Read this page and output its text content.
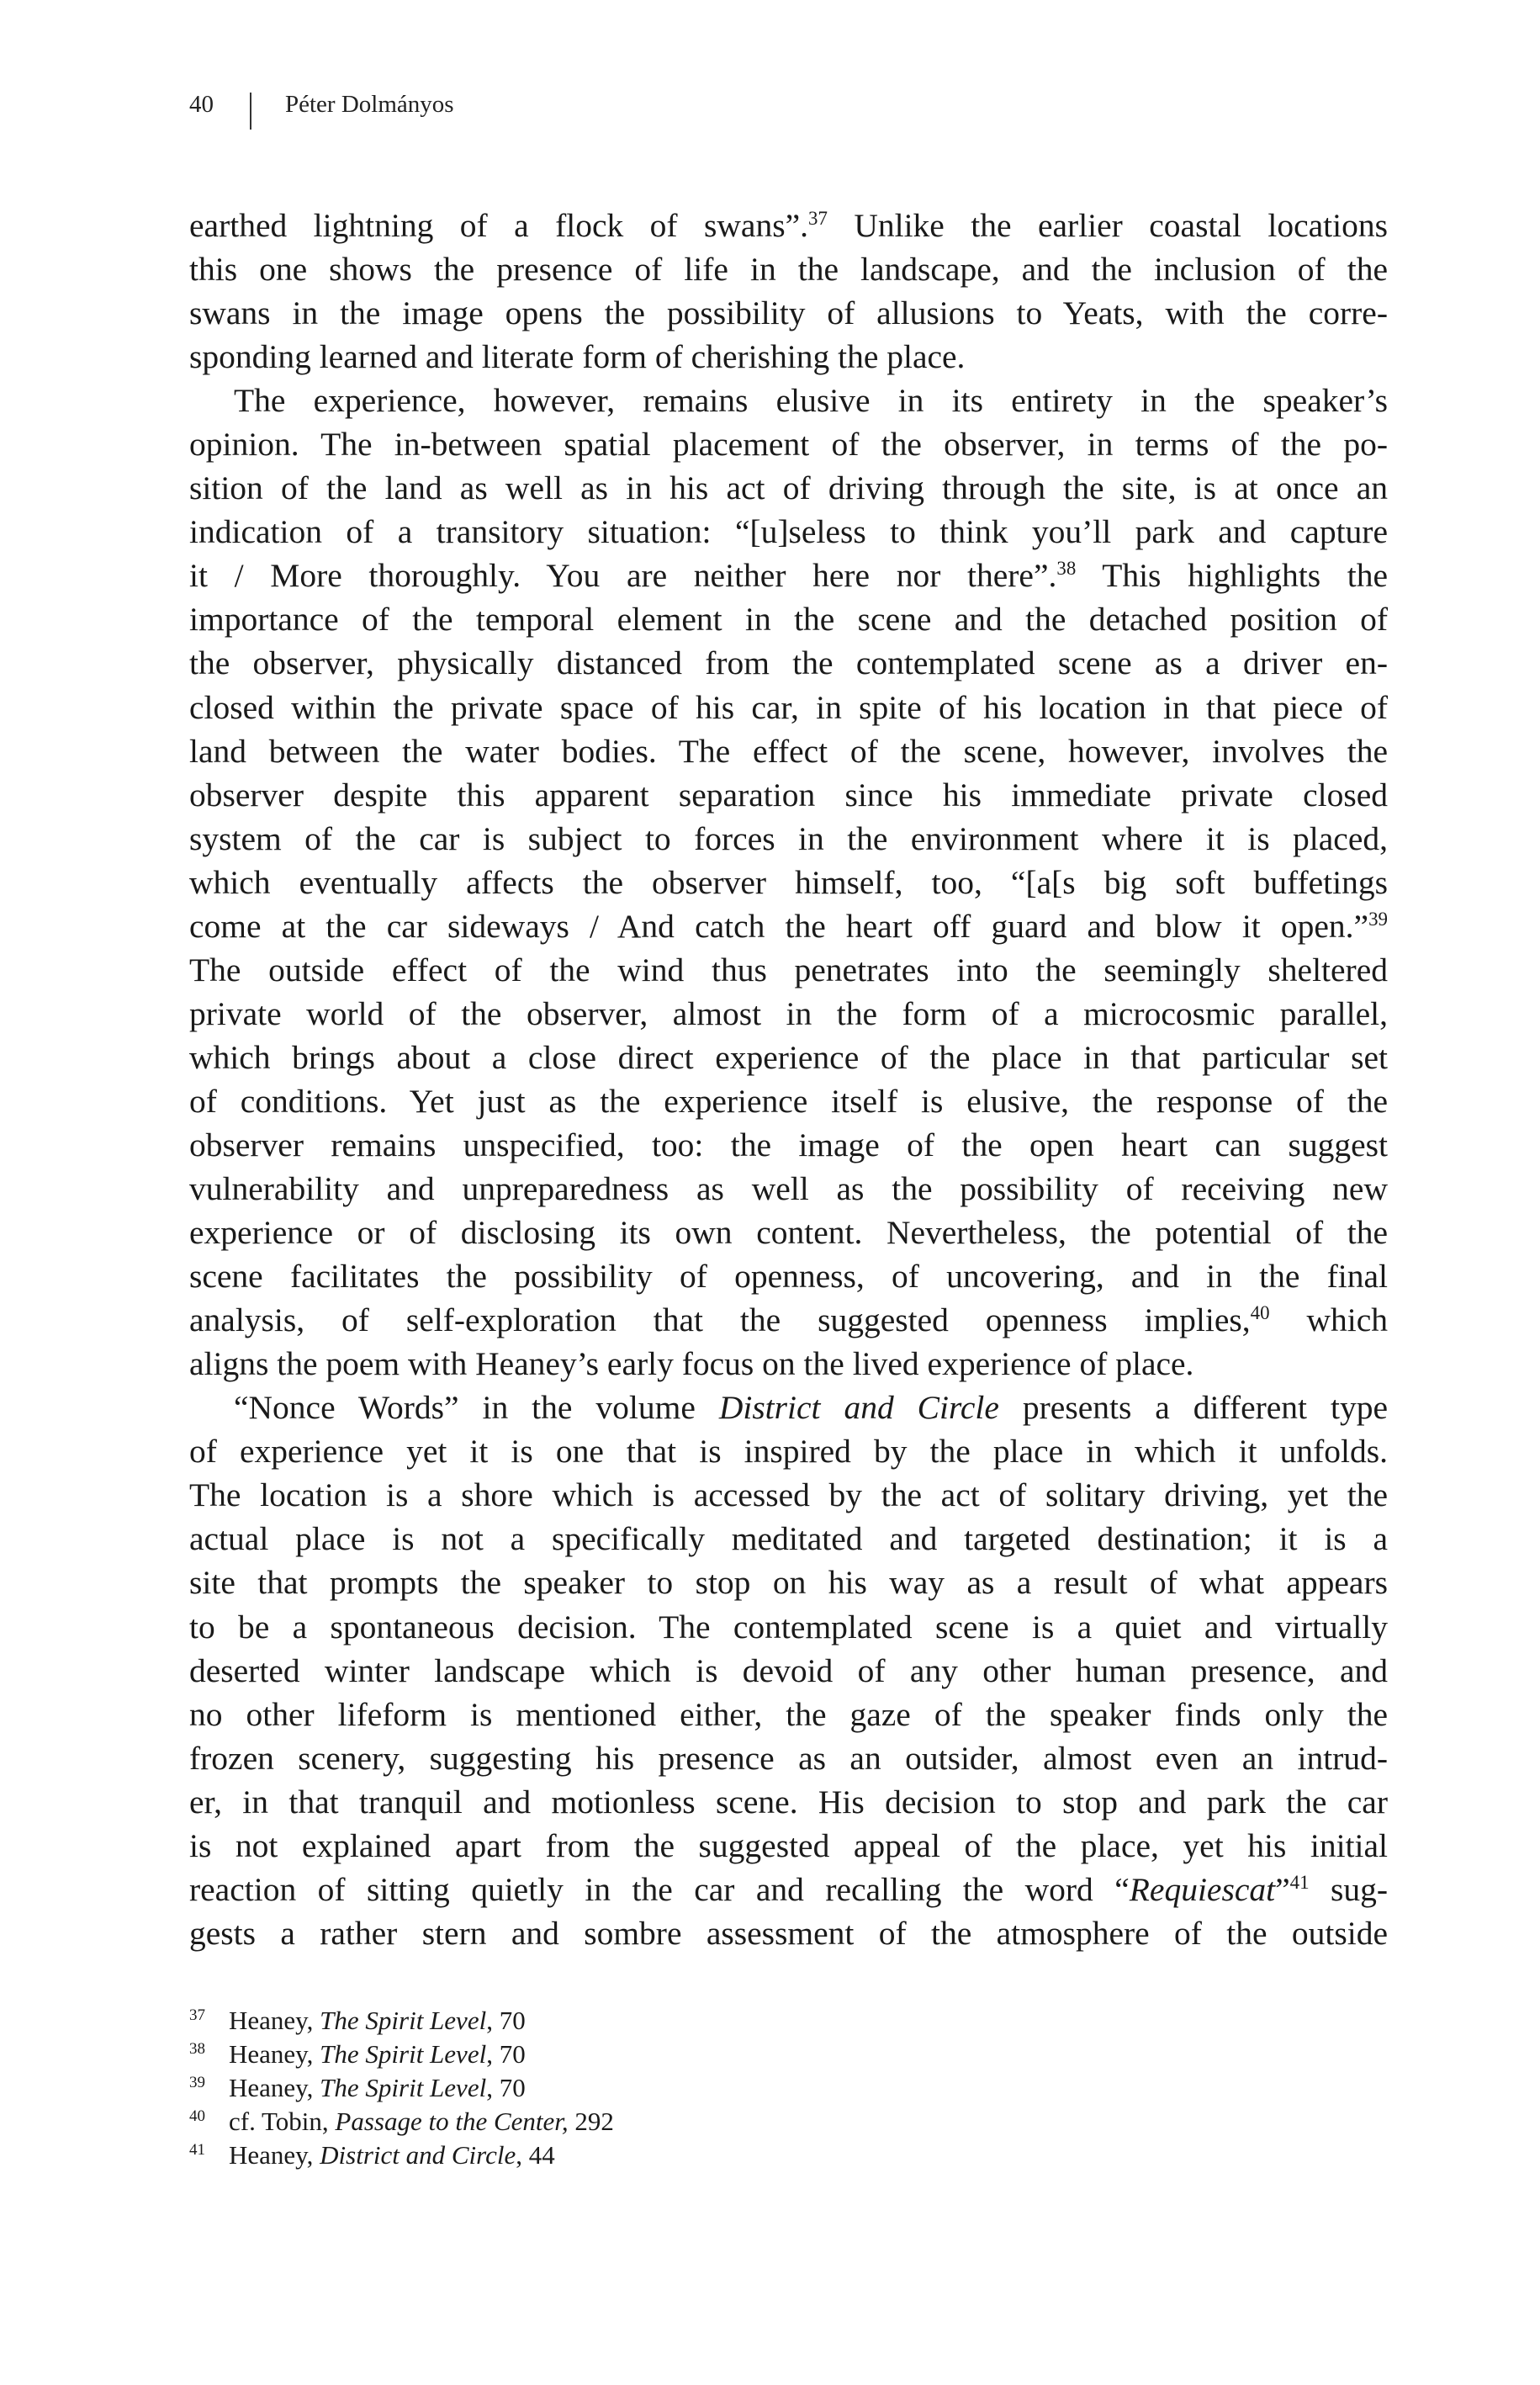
40	Péter Dolmányos
earthed lightning of a flock of swans”.$^{37}$ Unlike the earlier coastal locations
this one shows the presence of life in the landscape, and the inclusion of the
swans in the image opens the possibility of allusions to Yeats, with the corre-
sponding learned and literate form of cherishing the place.
The experience, however, remains elusive in its entirety in the speaker’s
opinion. The in-between spatial placement of the observer, in terms of the po-
sition of the land as well as in his act of driving through the site, is at once an
indication of a transitory situation: “[u]seless to think you’ll park and capture
it / More thoroughly. You are neither here nor there”.$^{38}$ This highlights the
importance of the temporal element in the scene and the detached position of
the observer, physically distanced from the contemplated scene as a driver en-
closed within the private space of his car, in spite of his location in that piece of
land between the water bodies. The effect of the scene, however, involves the
observer despite this apparent separation since his immediate private closed
system of the car is subject to forces in the environment where it is placed,
which eventually affects the observer himself, too, “[a[s big soft buffetings
come at the car sideways / And catch the heart off guard and blow it open.”$^{39}$
The outside effect of the wind thus penetrates into the seemingly sheltered
private world of the observer, almost in the form of a microcosmic parallel,
which brings about a close direct experience of the place in that particular set
of conditions. Yet just as the experience itself is elusive, the response of the
observer remains unspecified, too: the image of the open heart can suggest
vulnerability and unpreparedness as well as the possibility of receiving new
experience or of disclosing its own content. Nevertheless, the potential of the
scene facilitates the possibility of openness, of uncovering, and in the final
analysis, of self-exploration that the suggested openness implies,$^{40}$ which
aligns the poem with Heaney’s early focus on the lived experience of place.
“Nonce Words” in the volume District and Circle presents a different type
of experience yet it is one that is inspired by the place in which it unfolds.
The location is a shore which is accessed by the act of solitary driving, yet the
actual place is not a specifically meditated and targeted destination; it is a
site that prompts the speaker to stop on his way as a result of what appears
to be a spontaneous decision. The contemplated scene is a quiet and virtually
deserted winter landscape which is devoid of any other human presence, and
no other lifeform is mentioned either, the gaze of the speaker finds only the
frozen scenery, suggesting his presence as an outsider, almost even an intrud-
er, in that tranquil and motionless scene. His decision to stop and park the car
is not explained apart from the suggested appeal of the place, yet his initial
reaction of sitting quietly in the car and recalling the word “Requiescat”$^{41}$ sug-
gests a rather stern and sombre assessment of the atmosphere of the outside
37 Heaney, The Spirit Level, 70
38 Heaney, The Spirit Level, 70
39 Heaney, The Spirit Level, 70
40 cf. Tobin, Passage to the Center, 292
41 Heaney, District and Circle, 44
